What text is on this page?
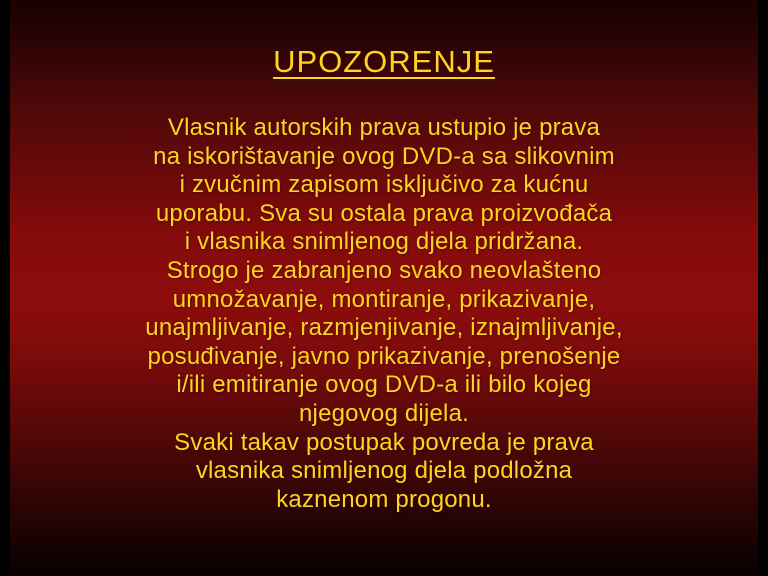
UPOZORENJE
Vlasnik autorskih prava ustupio je prava
na iskorištavanje ovog DVD-a sa slikovnim
i zvučnim zapisom isključivo za kućnu
uporabu. Sva su ostala prava proizvođača
i vlasnika snimljenog djela pridržana.
Strogo je zabranjeno svako neovlašteno
umnožavanje, montiranje, prikazivanje,
unajmljivanje, razmjenjivanje, iznajmljivanje,
posuđivanje, javno prikazivanje, prenošenje
i/ili emitiranje ovog DVD-a ili bilo kojeg
njegovog dijela.
Svaki takav postupak povreda je prava
vlasnika snimljenog djela podložna
kaznenom progonu.
